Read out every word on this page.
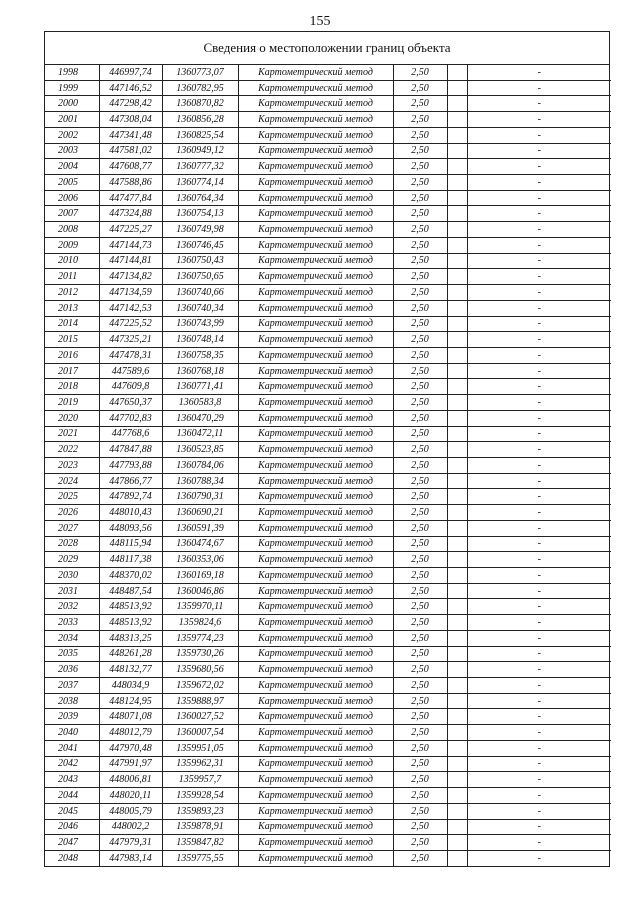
155
Сведения о местоположении границ объекта
1998	446997,74	1360773,07	Картометрический метод	2,50		-
1999	447146,52	1360782,95	Картометрический метод	2,50		-
2000	447298,42	1360870,82	Картометрический метод	2,50		-
2001	447308,04	1360856,28	Картометрический метод	2,50		-
2002	447341,48	1360825,54	Картометрический метод	2,50		-
2003	447581,02	1360949,12	Картометрический метод	2,50		-
2004	447608,77	1360777,32	Картометрический метод	2,50		-
2005	447588,86	1360774,14	Картометрический метод	2,50		-
2006	447477,84	1360764,34	Картометрический метод	2,50		-
2007	447324,88	1360754,13	Картометрический метод	2,50		-
2008	447225,27	1360749,98	Картометрический метод	2,50		-
2009	447144,73	1360746,45	Картометрический метод	2,50		-
2010	447144,81	1360750,43	Картометрический метод	2,50		-
2011	447134,82	1360750,65	Картометрический метод	2,50		-
2012	447134,59	1360740,66	Картометрический метод	2,50		-
2013	447142,53	1360740,34	Картометрический метод	2,50		-
2014	447225,52	1360743,99	Картометрический метод	2,50		-
2015	447325,21	1360748,14	Картометрический метод	2,50		-
2016	447478,31	1360758,35	Картометрический метод	2,50		-
2017	447589,6	1360768,18	Картометрический метод	2,50		-
2018	447609,8	1360771,41	Картометрический метод	2,50		-
2019	447650,37	1360583,8	Картометрический метод	2,50		-
2020	447702,83	1360470,29	Картометрический метод	2,50		-
2021	447768,6	1360472,11	Картометрический метод	2,50		-
2022	447847,88	1360523,85	Картометрический метод	2,50		-
2023	447793,88	1360784,06	Картометрический метод	2,50		-
2024	447866,77	1360788,34	Картометрический метод	2,50		-
2025	447892,74	1360790,31	Картометрический метод	2,50		-
2026	448010,43	1360690,21	Картометрический метод	2,50		-
2027	448093,56	1360591,39	Картометрический метод	2,50		-
2028	448115,94	1360474,67	Картометрический метод	2,50		-
2029	448117,38	1360353,06	Картометрический метод	2,50		-
2030	448370,02	1360169,18	Картометрический метод	2,50		-
2031	448487,54	1360046,86	Картометрический метод	2,50		-
2032	448513,92	1359970,11	Картометрический метод	2,50		-
2033	448513,92	1359824,6	Картометрический метод	2,50		-
2034	448313,25	1359774,23	Картометрический метод	2,50		-
2035	448261,28	1359730,26	Картометрический метод	2,50		-
2036	448132,77	1359680,56	Картометрический метод	2,50		-
2037	448034,9	1359672,02	Картометрический метод	2,50		-
2038	448124,95	1359888,97	Картометрический метод	2,50		-
2039	448071,08	1360027,52	Картометрический метод	2,50		-
2040	448012,79	1360007,54	Картометрический метод	2,50		-
2041	447970,48	1359951,05	Картометрический метод	2,50		-
2042	447991,97	1359962,31	Картометрический метод	2,50		-
2043	448006,81	1359957,7	Картометрический метод	2,50		-
2044	448020,11	1359928,54	Картометрический метод	2,50		-
2045	448005,79	1359893,23	Картометрический метод	2,50		-
2046	448002,2	1359878,91	Картометрический метод	2,50		-
2047	447979,31	1359847,82	Картометрический метод	2,50		-
2048	447983,14	1359775,55	Картометрический метод	2,50		-
